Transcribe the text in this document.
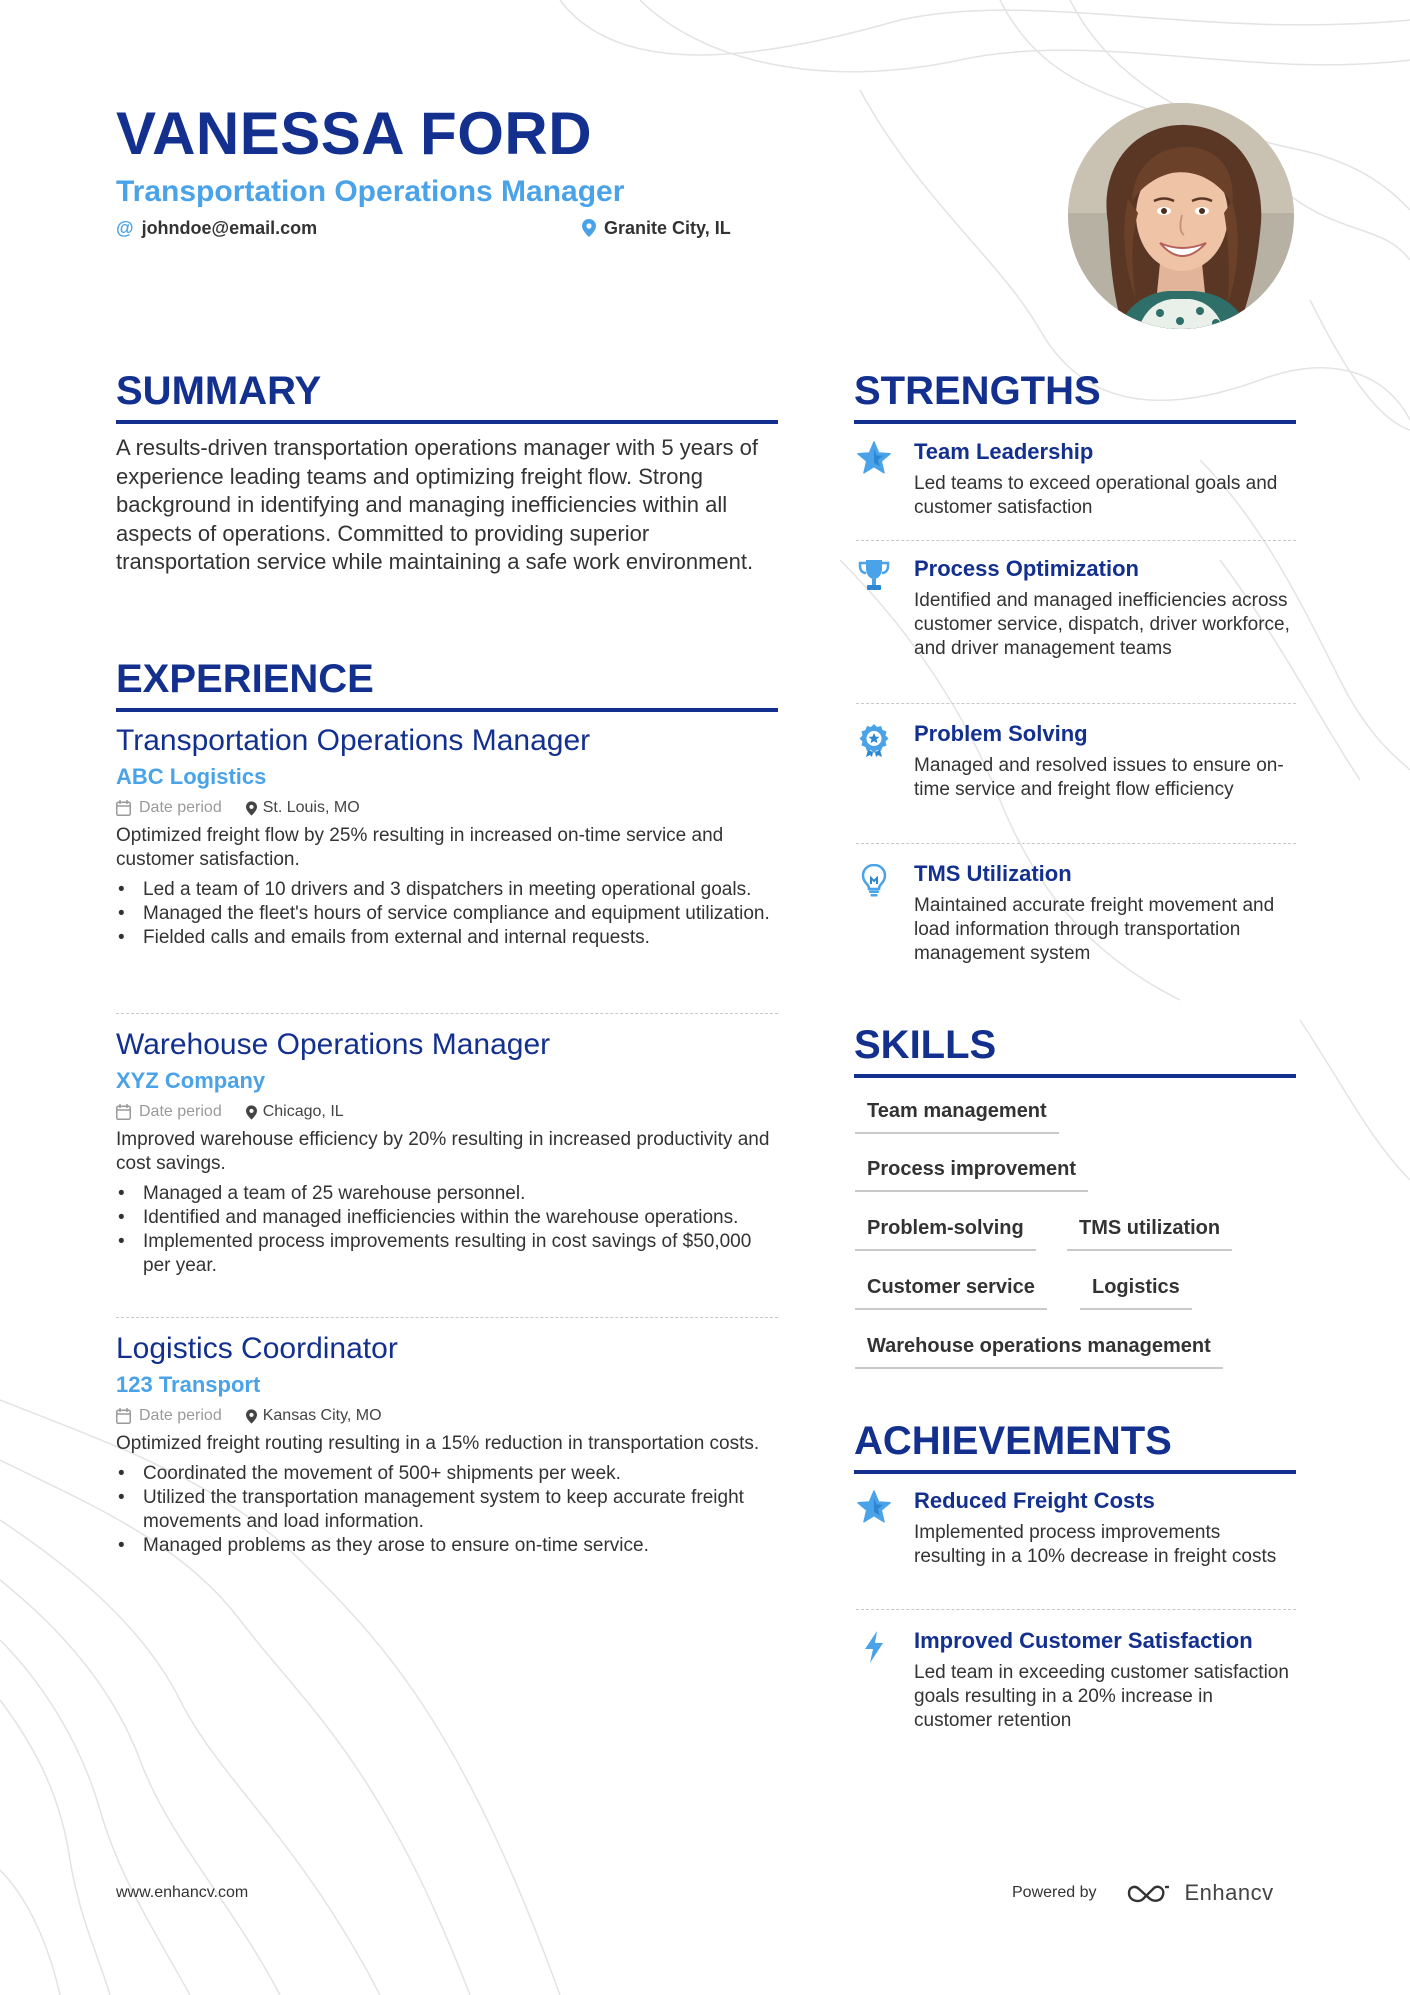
VANESSA FORD
Transportation Operations Manager
@ johndoe@email.com	Granite City, IL
SUMMARY
A results-driven transportation operations manager with 5 years of experience leading teams and optimizing freight flow. Strong background in identifying and managing inefficiencies within all aspects of operations. Committed to providing superior transportation service while maintaining a safe work environment.
EXPERIENCE
Transportation Operations Manager
ABC Logistics
Date period	St. Louis, MO
Optimized freight flow by 25% resulting in increased on-time service and customer satisfaction.
• Led a team of 10 drivers and 3 dispatchers in meeting operational goals.
• Managed the fleet's hours of service compliance and equipment utilization.
• Fielded calls and emails from external and internal requests.
Warehouse Operations Manager
XYZ Company
Date period	Chicago, IL
Improved warehouse efficiency by 20% resulting in increased productivity and cost savings.
• Managed a team of 25 warehouse personnel.
• Identified and managed inefficiencies within the warehouse operations.
• Implemented process improvements resulting in cost savings of $50,000 per year.
Logistics Coordinator
123 Transport
Date period	Kansas City, MO
Optimized freight routing resulting in a 15% reduction in transportation costs.
• Coordinated the movement of 500+ shipments per week.
• Utilized the transportation management system to keep accurate freight movements and load information.
• Managed problems as they arose to ensure on-time service.
STRENGTHS
Team Leadership
Led teams to exceed operational goals and customer satisfaction
Process Optimization
Identified and managed inefficiencies across customer service, dispatch, driver workforce, and driver management teams
Problem Solving
Managed and resolved issues to ensure on-time service and freight flow efficiency
TMS Utilization
Maintained accurate freight movement and load information through transportation management system
SKILLS
Team management
Process improvement
Problem-solving	TMS utilization
Customer service	Logistics
Warehouse operations management
ACHIEVEMENTS
Reduced Freight Costs
Implemented process improvements resulting in a 10% decrease in freight costs
Improved Customer Satisfaction
Led team in exceeding customer satisfaction goals resulting in a 20% increase in customer retention
www.enhancv.com	Powered by	Enhancv
